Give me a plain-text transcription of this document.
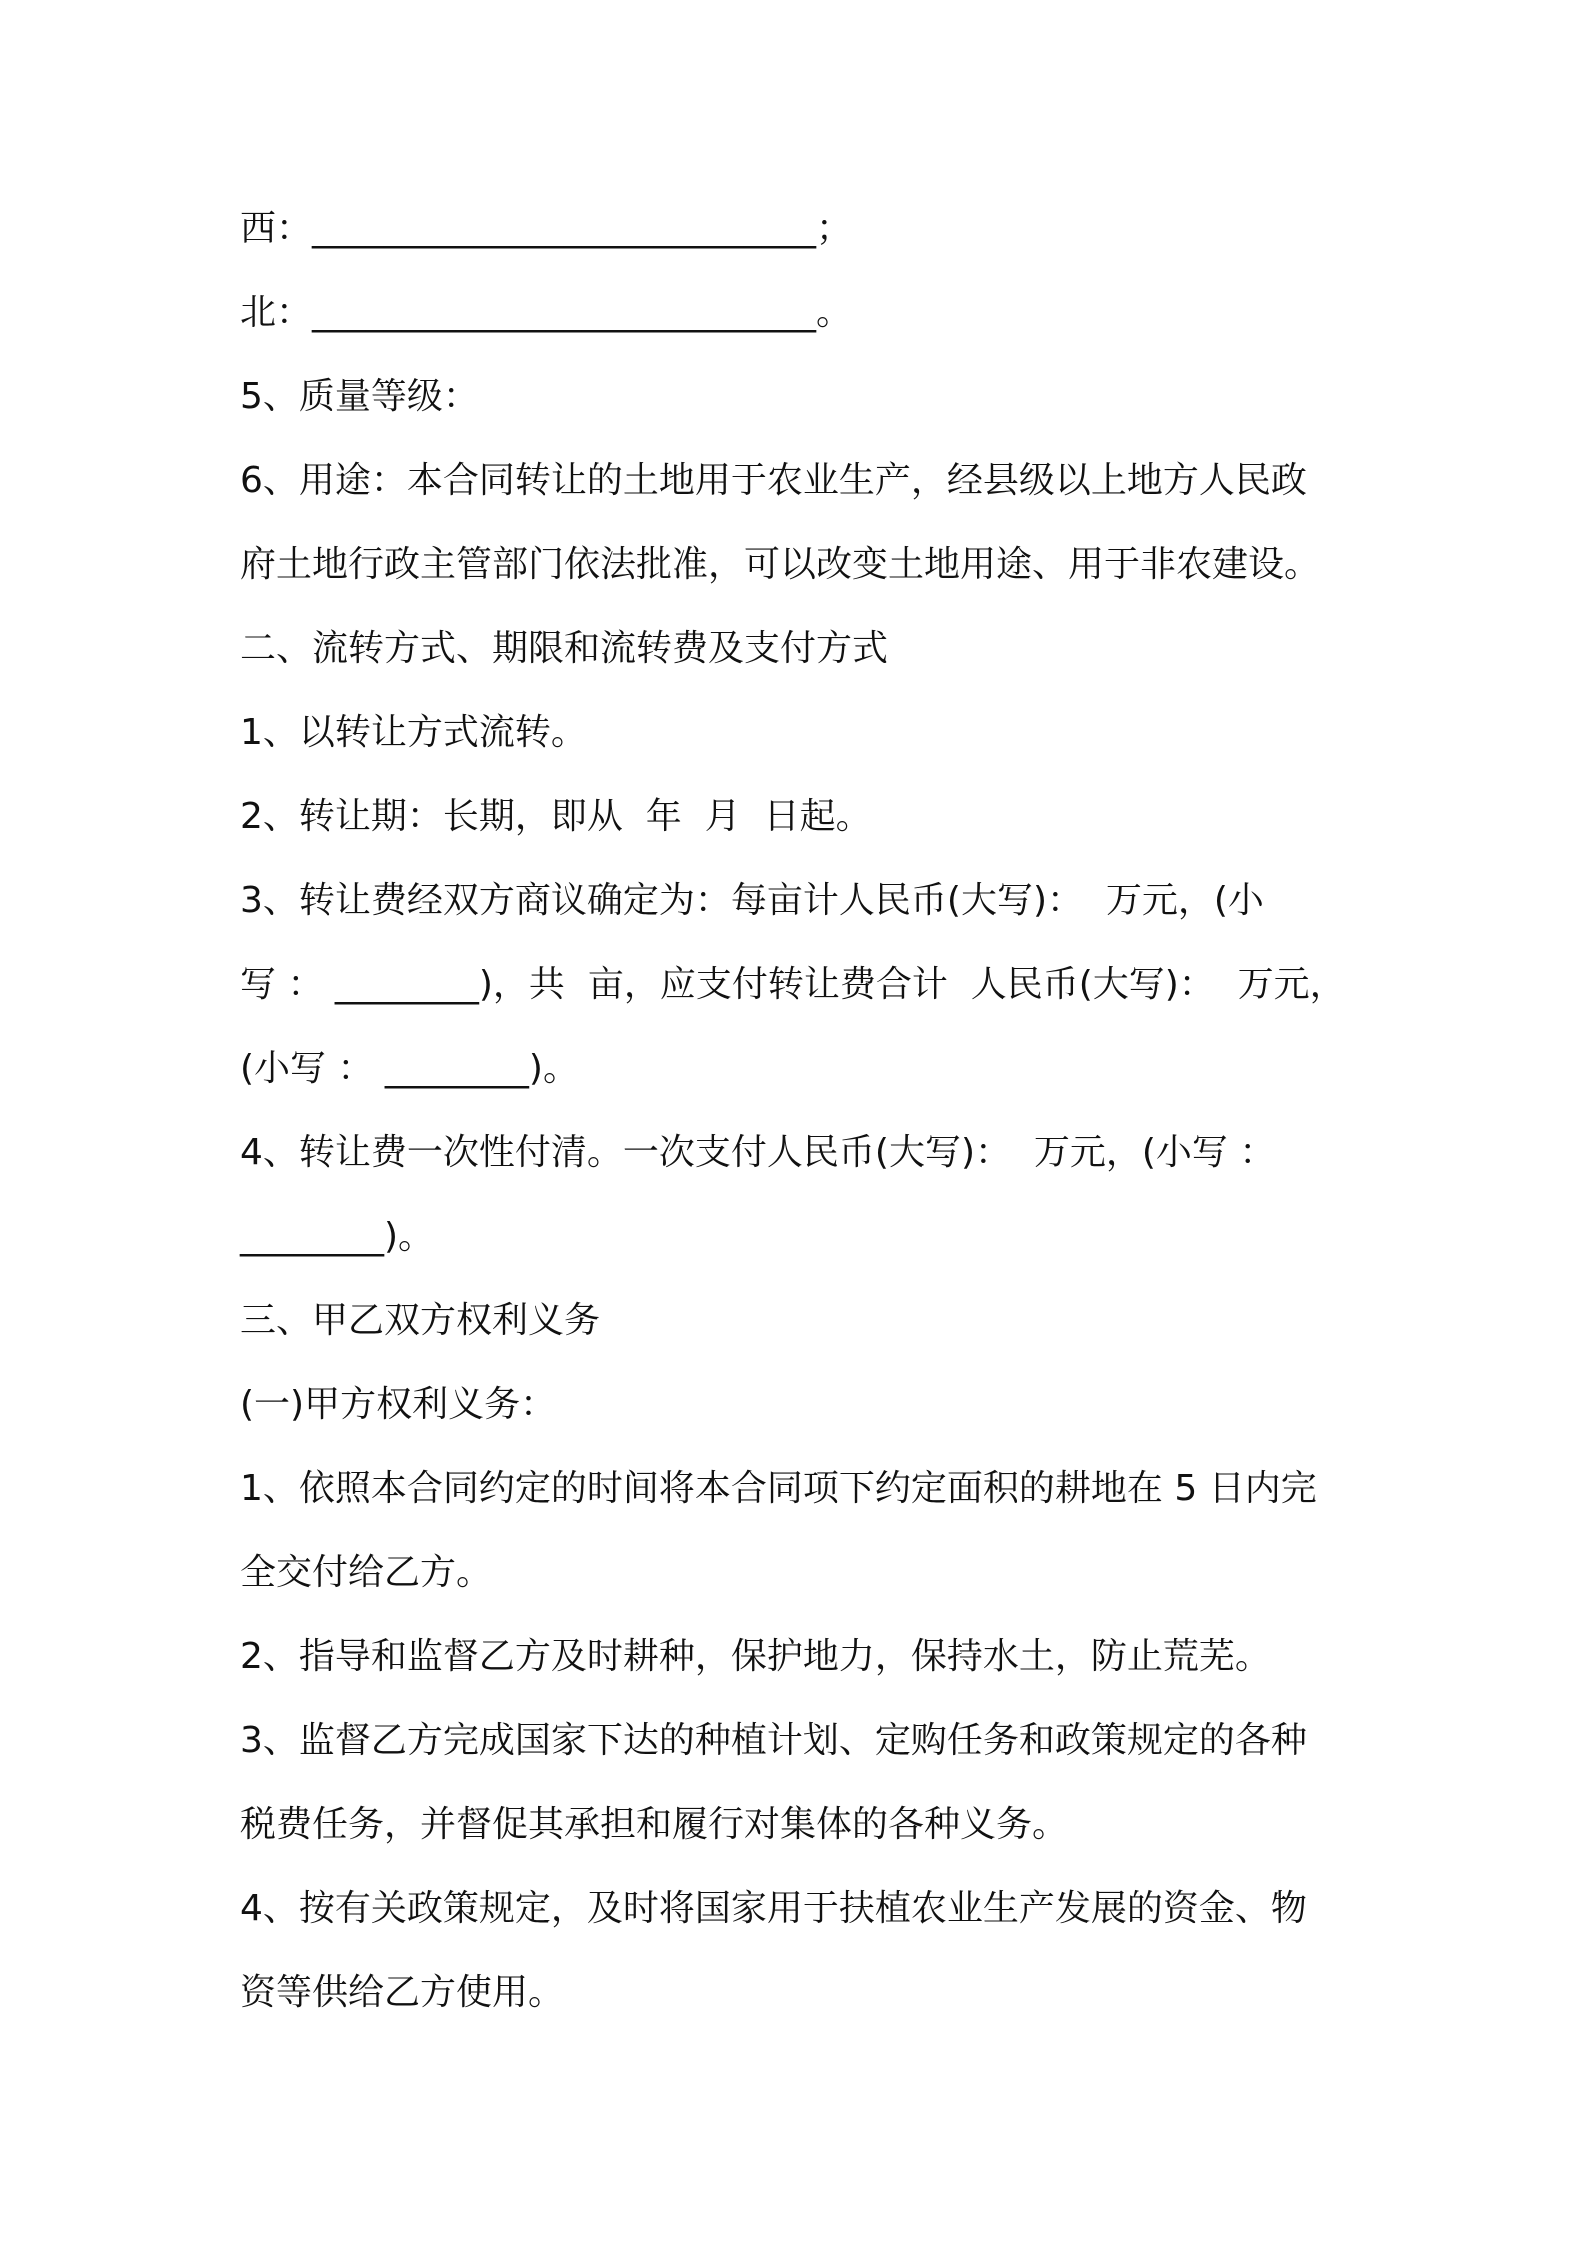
西：____________________________；
北：____________________________。
5、质量等级：
6、用途：本合同转让的土地用于农业生产，经县级以上地方人民政
府土地行政主管部门依法批准，可以改变土地用途、用于非农建设。
二、流转方式、期限和流转费及支付方式
1、以转让方式流转。
2、转让期：长期，即从  年  月  日起。
3、转让费经双方商议确定为：每亩计人民币(大写)：  万元，(小
写 ： ________)，共  亩，应支付转让费合计  人民币(大写)：  万元，
(小写 ： ________)。
4、转让费一次性付清。一次支付人民币(大写)：  万元，(小写 ：
________)。
三、甲乙双方权利义务
(一)甲方权利义务：
1、依照本合同约定的时间将本合同项下约定面积的耕地在 5 日内完
全交付给乙方。
2、指导和监督乙方及时耕种，保护地力，保持水土，防止荒芜。
3、监督乙方完成国家下达的种植计划、定购任务和政策规定的各种
税费任务，并督促其承担和履行对集体的各种义务。
4、按有关政策规定，及时将国家用于扶植农业生产发展的资金、物
资等供给乙方使用。
